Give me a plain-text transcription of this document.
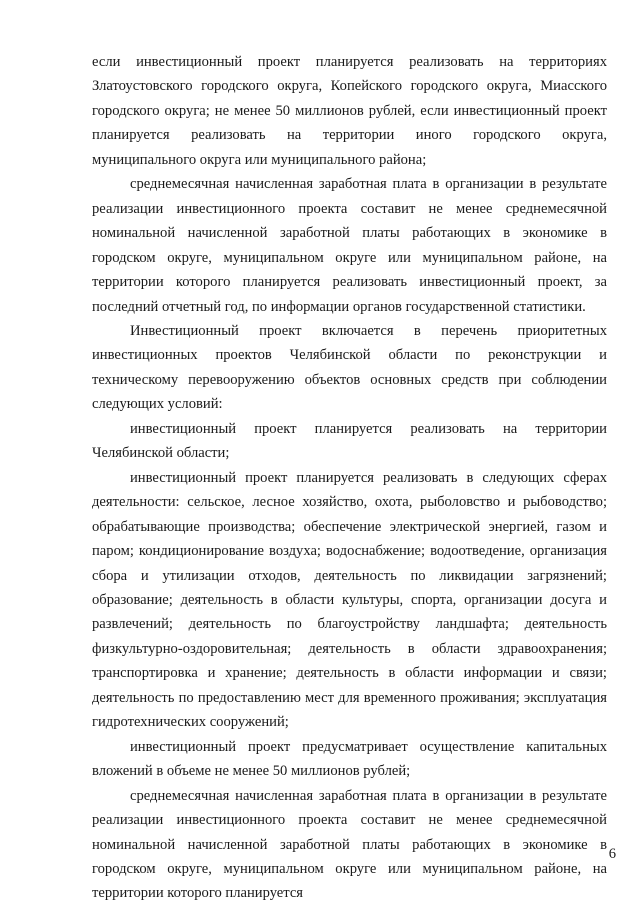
если инвестиционный проект планируется реализовать на территориях Златоустовского городского округа, Копейского городского округа, Миасского городского округа; не менее 50 миллионов рублей, если инвестиционный проект планируется реализовать на территории иного городского округа, муниципального округа или муниципального района;

среднемесячная начисленная заработная плата в организации в результате реализации инвестиционного проекта составит не менее среднемесячной номинальной начисленной заработной платы работающих в экономике в городском округе, муниципальном округе или муниципальном районе, на территории которого планируется реализовать инвестиционный проект, за последний отчетный год, по информации органов государственной статистики.

Инвестиционный проект включается в перечень приоритетных инвестиционных проектов Челябинской области по реконструкции и техническому перевооружению объектов основных средств при соблюдении следующих условий:

инвестиционный проект планируется реализовать на территории Челябинской области;

инвестиционный проект планируется реализовать в следующих сферах деятельности: сельское, лесное хозяйство, охота, рыболовство и рыбоводство; обрабатывающие производства; обеспечение электрической энергией, газом и паром; кондиционирование воздуха; водоснабжение; водоотведение, организация сбора и утилизации отходов, деятельность по ликвидации загрязнений; образование; деятельность в области культуры, спорта, организации досуга и развлечений; деятельность по благоустройству ландшафта; деятельность физкультурно-оздоровительная; деятельность в области здравоохранения; транспортировка и хранение; деятельность в области информации и связи; деятельность по предоставлению мест для временного проживания; эксплуатация гидротехнических сооружений;

инвестиционный проект предусматривает осуществление капитальных вложений в объеме не менее 50 миллионов рублей;

среднемесячная начисленная заработная плата в организации в результате реализации инвестиционного проекта составит не менее среднемесячной номинальной начисленной заработной платы работающих в экономике в городском округе, муниципальном округе или муниципальном районе, на территории которого планируется

6
